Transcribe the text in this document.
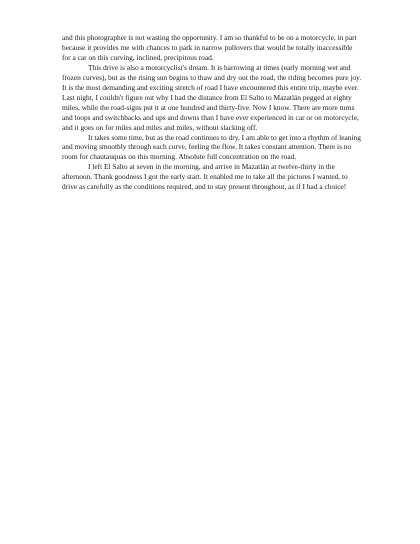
and this photographer is not wasting the opportunity. I am so thankful to be on a motorcycle, in part because it provides me with chances to park in narrow pullovers that would be totally inaccessible for a car on this curving, inclined, precipitous road.

This drive is also a motorcyclist's dream. It is harrowing at times (early morning wet and frozen curves), but as the rising sun begins to thaw and dry out the road, the riding becomes pure joy. It is the most demanding and exciting stretch of road I have encountered this entire trip, maybe ever. Last night, I couldn't figure out why I had the distance from El Salto to Mazatlán pegged at eighty miles, while the road-signs put it at one hundred and thirty-five. Now I know. There are more turns and loops and switchbacks and ups and downs than I have ever experienced in car or on motorcycle, and it goes on for miles and miles and miles, without slacking off.

It takes some time, but as the road continues to dry, I am able to get into a rhythm of leaning and moving smoothly through each curve, feeling the flow. It takes constant attention. There is no room for chautauquas on this morning. Absolute full concentration on the road.

I left El Salto at seven in the morning, and arrive in Mazatlán at twelve-thirty in the afternoon. Thank goodness I got the early start. It enabled me to take all the pictures I wanted, to drive as carefully as the conditions required, and to stay present throughout, as if I had a choice!
